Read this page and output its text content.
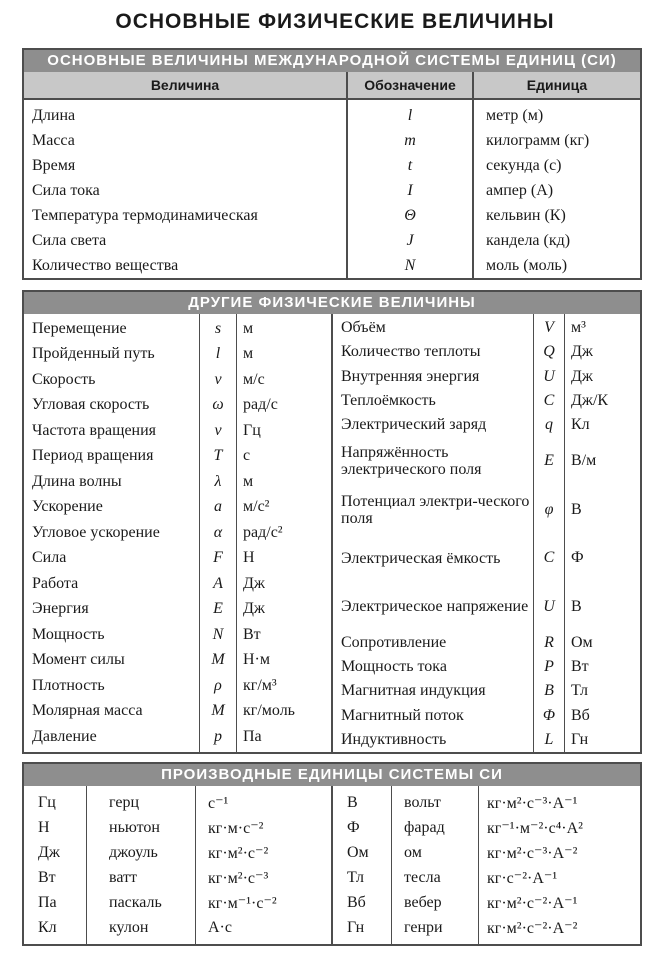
ОСНОВНЫЕ ФИЗИЧЕСКИЕ ВЕЛИЧИНЫ
ОСНОВНЫЕ ВЕЛИЧИНЫ МЕЖДУНАРОДНОЙ СИСТЕМЫ ЕДИНИЦ (СИ)
Величина	Обозначение	Единица
Длина
Масса
Время
Сила тока
Температура термодинамическая
Сила света
Количество вещества
l
m
t
I
Θ
J
N
метр (м)
килограмм (кг)
секунда (с)
ампер (А)
кельвин (К)
кандела (кд)
моль (моль)
ДРУГИЕ ФИЗИЧЕСКИЕ ВЕЛИЧИНЫ
Перемещение
Пройденный путь
Скорость
Угловая скорость
Частота вращения
Период вращения
Длина волны
Ускорение
Угловое ускорение
Сила
Работа
Энергия
Мощность
Момент силы
Плотность
Молярная масса
Давление
s
l
v
ω
ν
T
λ
a
α
F
A
E
N
M
ρ
M
p
м
м
м/с
рад/с
Гц
с
м
м/с²
рад/с²
Н
Дж
Дж
Вт
Н·м
кг/м³
кг/моль
Па
Объём
Количество теплоты
Внутренняя энергия
Теплоёмкость
Электрический заряд
Напряжённость электрического поля
Потенциал электри-ческого поля
Электрическая ёмкость
Электрическое напряжение
Сопротивление
Мощность тока
Магнитная индукция
Магнитный поток
Индуктивность
V
Q
U
C
q
E
φ
C
U
R
P
B
Φ
L
м³
Дж
Дж
Дж/К
Кл
В/м
В
Ф
В
Ом
Вт
Тл
Вб
Гн
ПРОИЗВОДНЫЕ ЕДИНИЦЫ СИСТЕМЫ СИ
Гц
Н
Дж
Вт
Па
Кл
герц
ньютон
джоуль
ватт
паскаль
кулон
с⁻¹
кг·м·с⁻²
кг·м²·с⁻²
кг·м²·с⁻³
кг·м⁻¹·с⁻²
А·с
В
Ф
Ом
Тл
Вб
Гн
вольт
фарад
ом
тесла
вебер
генри
кг·м²·с⁻³·А⁻¹
кг⁻¹·м⁻²·с⁴·А²
кг·м²·с⁻³·А⁻²
кг·с⁻²·А⁻¹
кг·м²·с⁻²·А⁻¹
кг·м²·с⁻²·А⁻²
